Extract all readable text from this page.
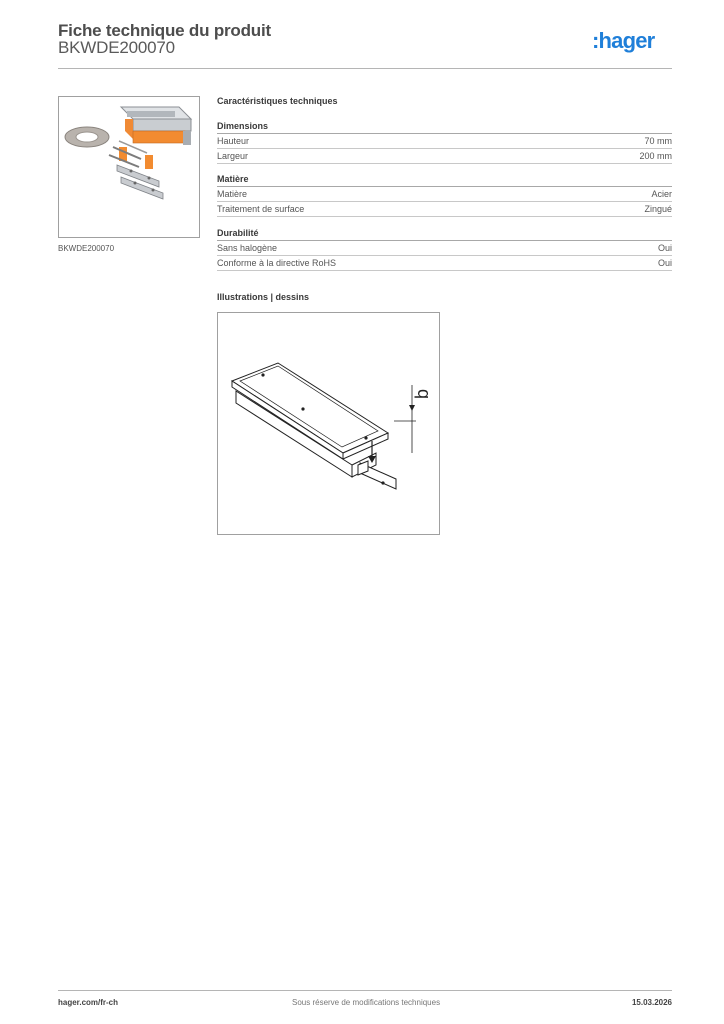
Fiche technique du produit
BKWDE200070	:hager
BKWDE200070
Caractéristiques techniques
Dimensions
Hauteur	70 mm
Largeur	200 mm
Matière
Matière	Acier
Traitement de surface	Zingué
Durabilité
Sans halogène	Oui
Conforme à la directive RoHS	Oui
Illustrations | dessins
b
hager.com/fr-ch	Sous réserve de modifications techniques	15.03.2026
